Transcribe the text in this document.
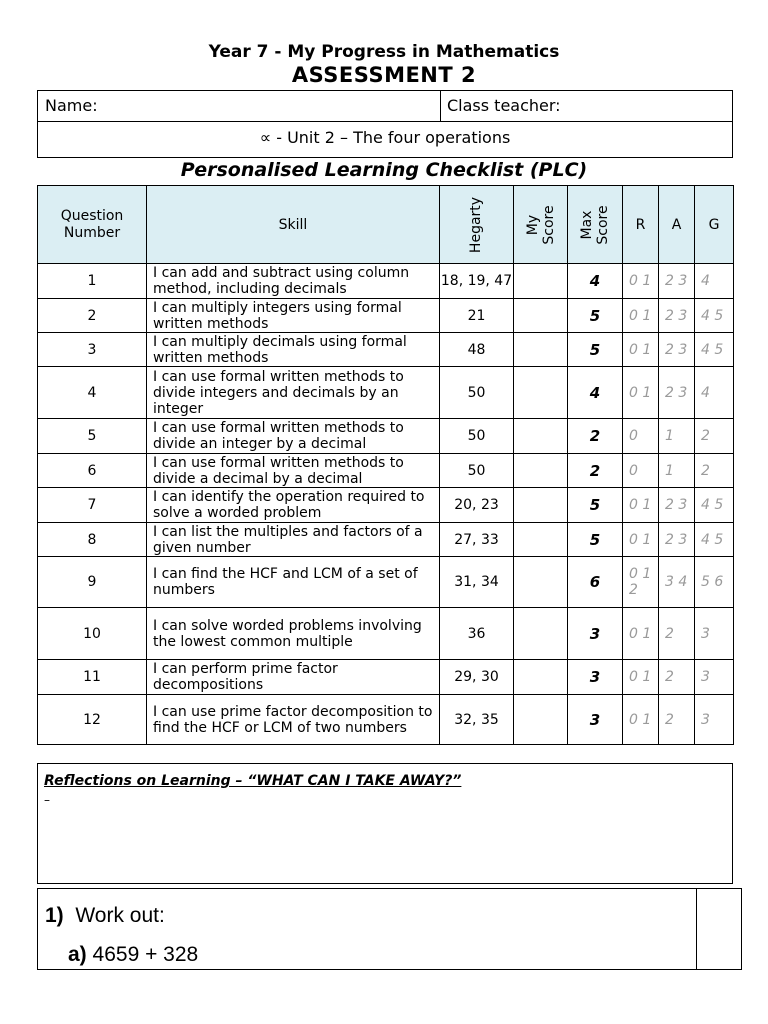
Year 7 - My Progress in Mathematics
ASSESSMENT 2
Name:	Class teacher:
∝ - Unit 2 – The four operations
Personalised Learning Checklist (PLC)
Question Number	Skill	Hegarty	My Score	Max Score	R	A	G
1	I can add and subtract using column method, including decimals	18, 19, 47		4	0 1	2 3	4
2	I can multiply integers using formal written methods	21		5	0 1	2 3	4 5
3	I can multiply decimals using formal written methods	48		5	0 1	2 3	4 5
4	I can use formal written methods to divide integers and decimals by an integer	50		4	0 1	2 3	4
5	I can use formal written methods to divide an integer by a decimal	50		2	0	1	2
6	I can use formal written methods to divide a decimal by a decimal	50		2	0	1	2
7	I can identify the operation required to solve a worded problem	20, 23		5	0 1	2 3	4 5
8	I can list the multiples and factors of a given number	27, 33		5	0 1	2 3	4 5
9	I can find the HCF and LCM of a set of numbers	31, 34		6	0 1 2	3 4	5 6
10	I can solve worded problems involving the lowest common multiple	36		3	0 1	2	3
11	I can perform prime factor decompositions	29, 30		3	0 1	2	3
12	I can use prime factor decomposition to find the HCF or LCM of two numbers	32, 35		3	0 1	2	3
Reflections on Learning – “WHAT CAN I TAKE AWAY?”
–
1) Work out:
a) 4659 + 328
